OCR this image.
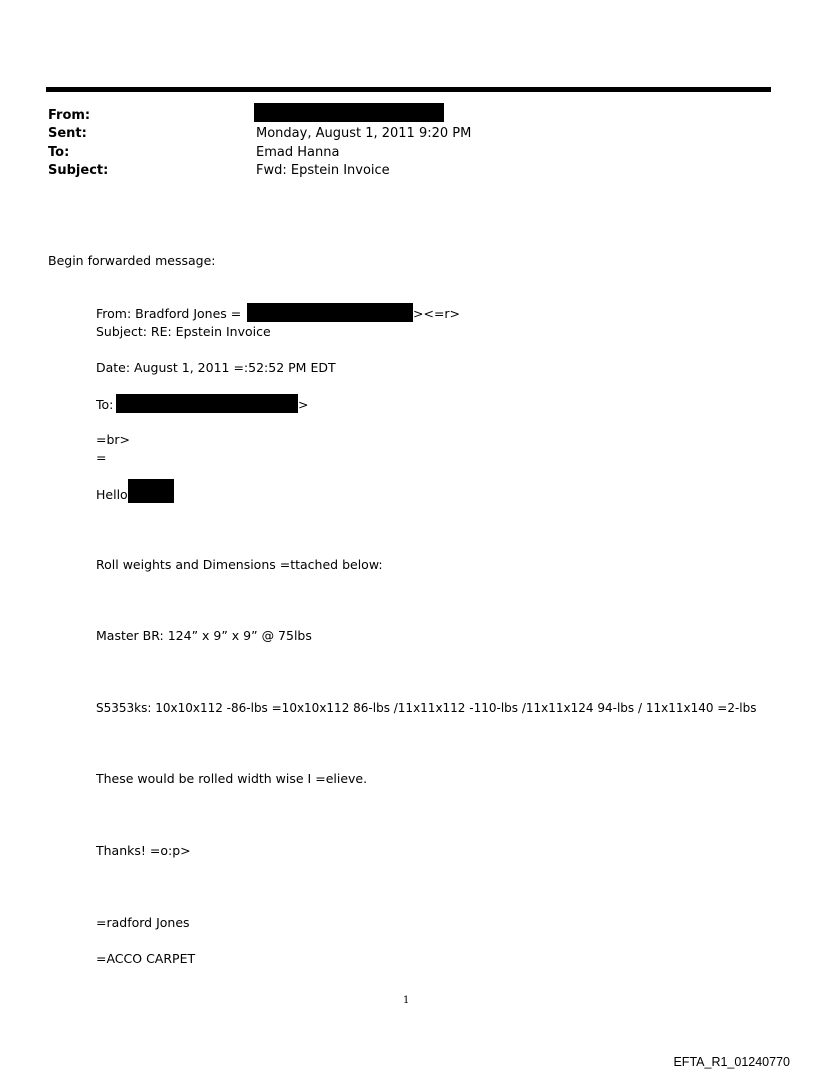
From:
Sent:	Monday, August 1, 2011 9:20 PM
To:	Emad Hanna
Subject:	Fwd: Epstein Invoice
Begin forwarded message:
From: Bradford Jones =	><=r>
Subject: RE: Epstein Invoice
Date: August 1, 2011 =:52:52 PM EDT
To:	>
=br>
=
Hello
Roll weights and Dimensions =ttached below:
Master BR: 124” x 9” x 9” @ 75lbs
S5353ks: 10x10x112 -86-lbs =10x10x112 86-lbs /11x11x112 -110-lbs /11x11x124 94-lbs / 11x11x140 =2-lbs
These would be rolled width wise I =elieve.
Thanks! =o:p>
=radford Jones
=ACCO CARPET
1
EFTA_R1_01240770
